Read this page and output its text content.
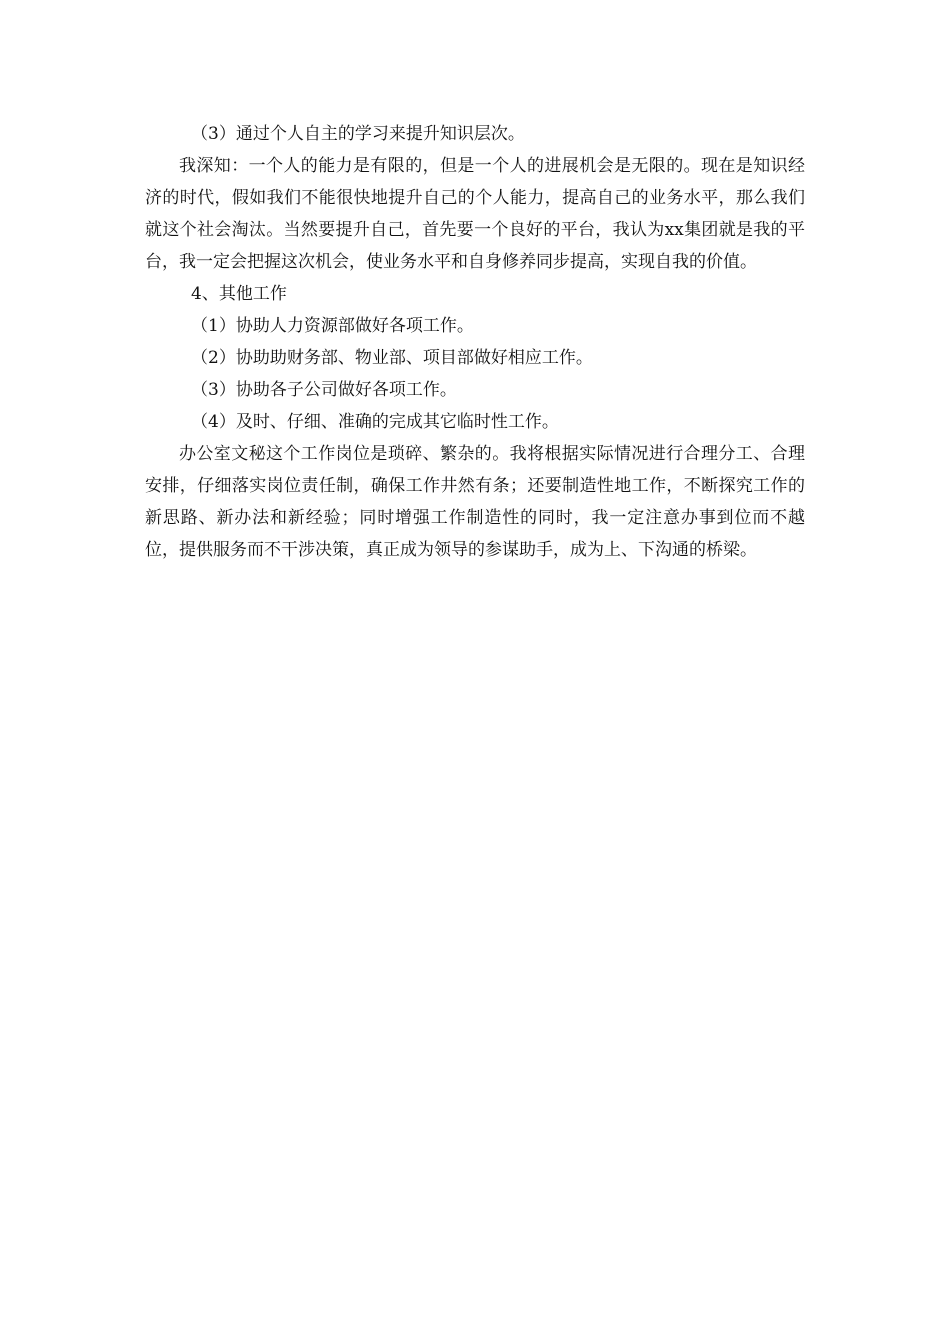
（3）通过个人自主的学习来提升知识层次。

我深知：一个人的能力是有限的，但是一个人的进展机会是无限的。现在是知识经济的时代，假如我们不能很快地提升自己的个人能力，提高自己的业务水平，那么我们就这个社会淘汰。当然要提升自己，首先要一个良好的平台，我认为xx集团就是我的平台，我一定会把握这次机会，使业务水平和自身修养同步提高，实现自我的价值。

4、其他工作

（1）协助人力资源部做好各项工作。

（2）协助助财务部、物业部、项目部做好相应工作。

（3）协助各子公司做好各项工作。

（4）及时、仔细、准确的完成其它临时性工作。

办公室文秘这个工作岗位是琐碎、繁杂的。我将根据实际情况进行合理分工、合理安排，仔细落实岗位责任制，确保工作井然有条；还要制造性地工作，不断探究工作的新思路、新办法和新经验；同时增强工作制造性的同时，我一定注意办事到位而不越位，提供服务而不干涉决策，真正成为领导的参谋助手，成为上、下沟通的桥梁。
